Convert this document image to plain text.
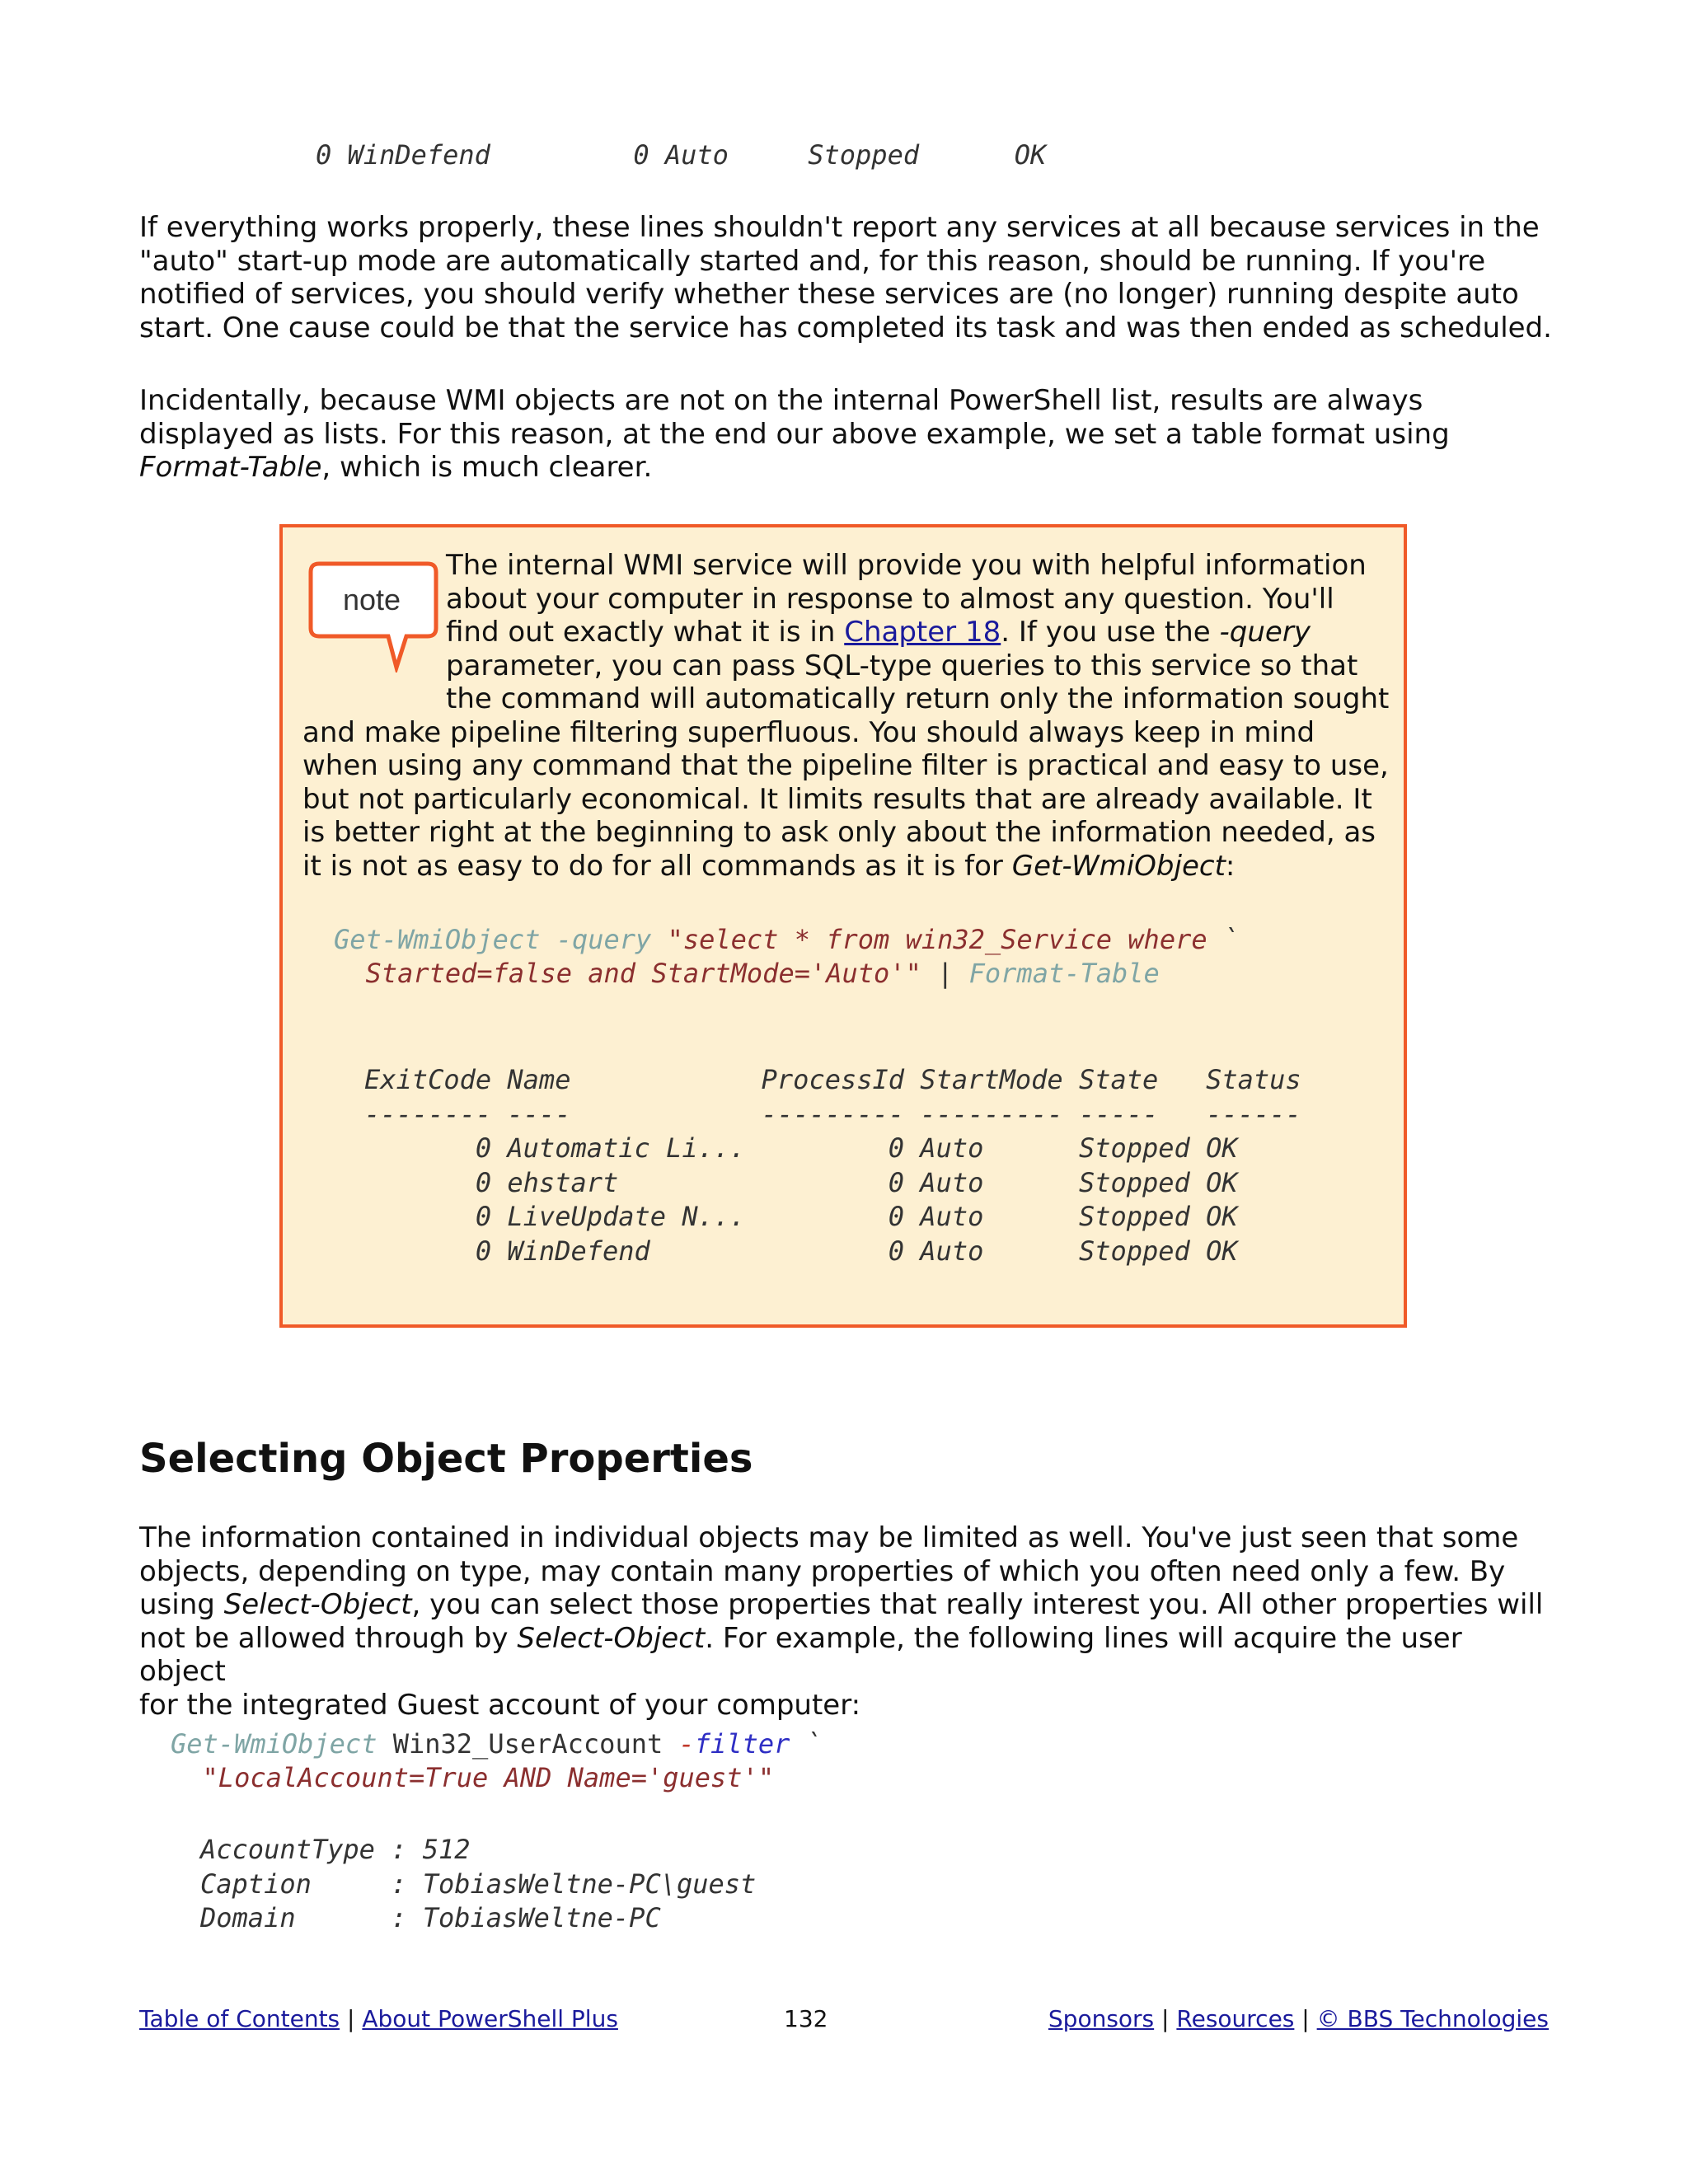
0 WinDefend         0 Auto     Stopped      OK

If everything works properly, these lines shouldn't report any services at all because services in the
"auto" start-up mode are automatically started and, for this reason, should be running. If you're
notified of services, you should verify whether these services are (no longer) running despite auto
start. One cause could be that the service has completed its task and was then ended as scheduled.

Incidentally, because WMI objects are not on the internal PowerShell list, results are always
displayed as lists. For this reason, at the end our above example, we set a table format using
Format-Table, which is much clearer.

note

The internal WMI service will provide you with helpful information
about your computer in response to almost any question. You'll
find out exactly what it is in Chapter 18. If you use the -query
parameter, you can pass SQL-type queries to this service so that
the command will automatically return only the information sought
and make pipeline filtering superfluous. You should always keep in mind
when using any command that the pipeline filter is practical and easy to use,
but not particularly economical. It limits results that are already available. It
is better right at the beginning to ask only about the information needed, as
it is not as easy to do for all commands as it is for Get-WmiObject:

Get-WmiObject -query "select * from win32_Service where `
Started=false and StartMode='Auto'" | Format-Table
ExitCode Name            ProcessId StartMode State   Status
-------- ----            --------- --------- -----   ------
0 Automatic Li...         0 Auto      Stopped OK
0 ehstart                 0 Auto      Stopped OK
0 LiveUpdate N...         0 Auto      Stopped OK
0 WinDefend               0 Auto      Stopped OK
Selecting Object Properties

The information contained in individual objects may be limited as well. You've just seen that some
objects, depending on type, may contain many properties of which you often need only a few. By
using Select-Object, you can select those properties that really interest you. All other properties will
not be allowed through by Select-Object. For example, the following lines will acquire the user object
for the integrated Guest account of your computer:

Get-WmiObject Win32_UserAccount -filter `
"LocalAccount=True AND Name='guest'"
AccountType : 512
Caption     : TobiasWeltne-PC\guest
Domain      : TobiasWeltne-PC
Table of Contents | About PowerShell Plus	132	Sponsors | Resources | © BBS Technologies
